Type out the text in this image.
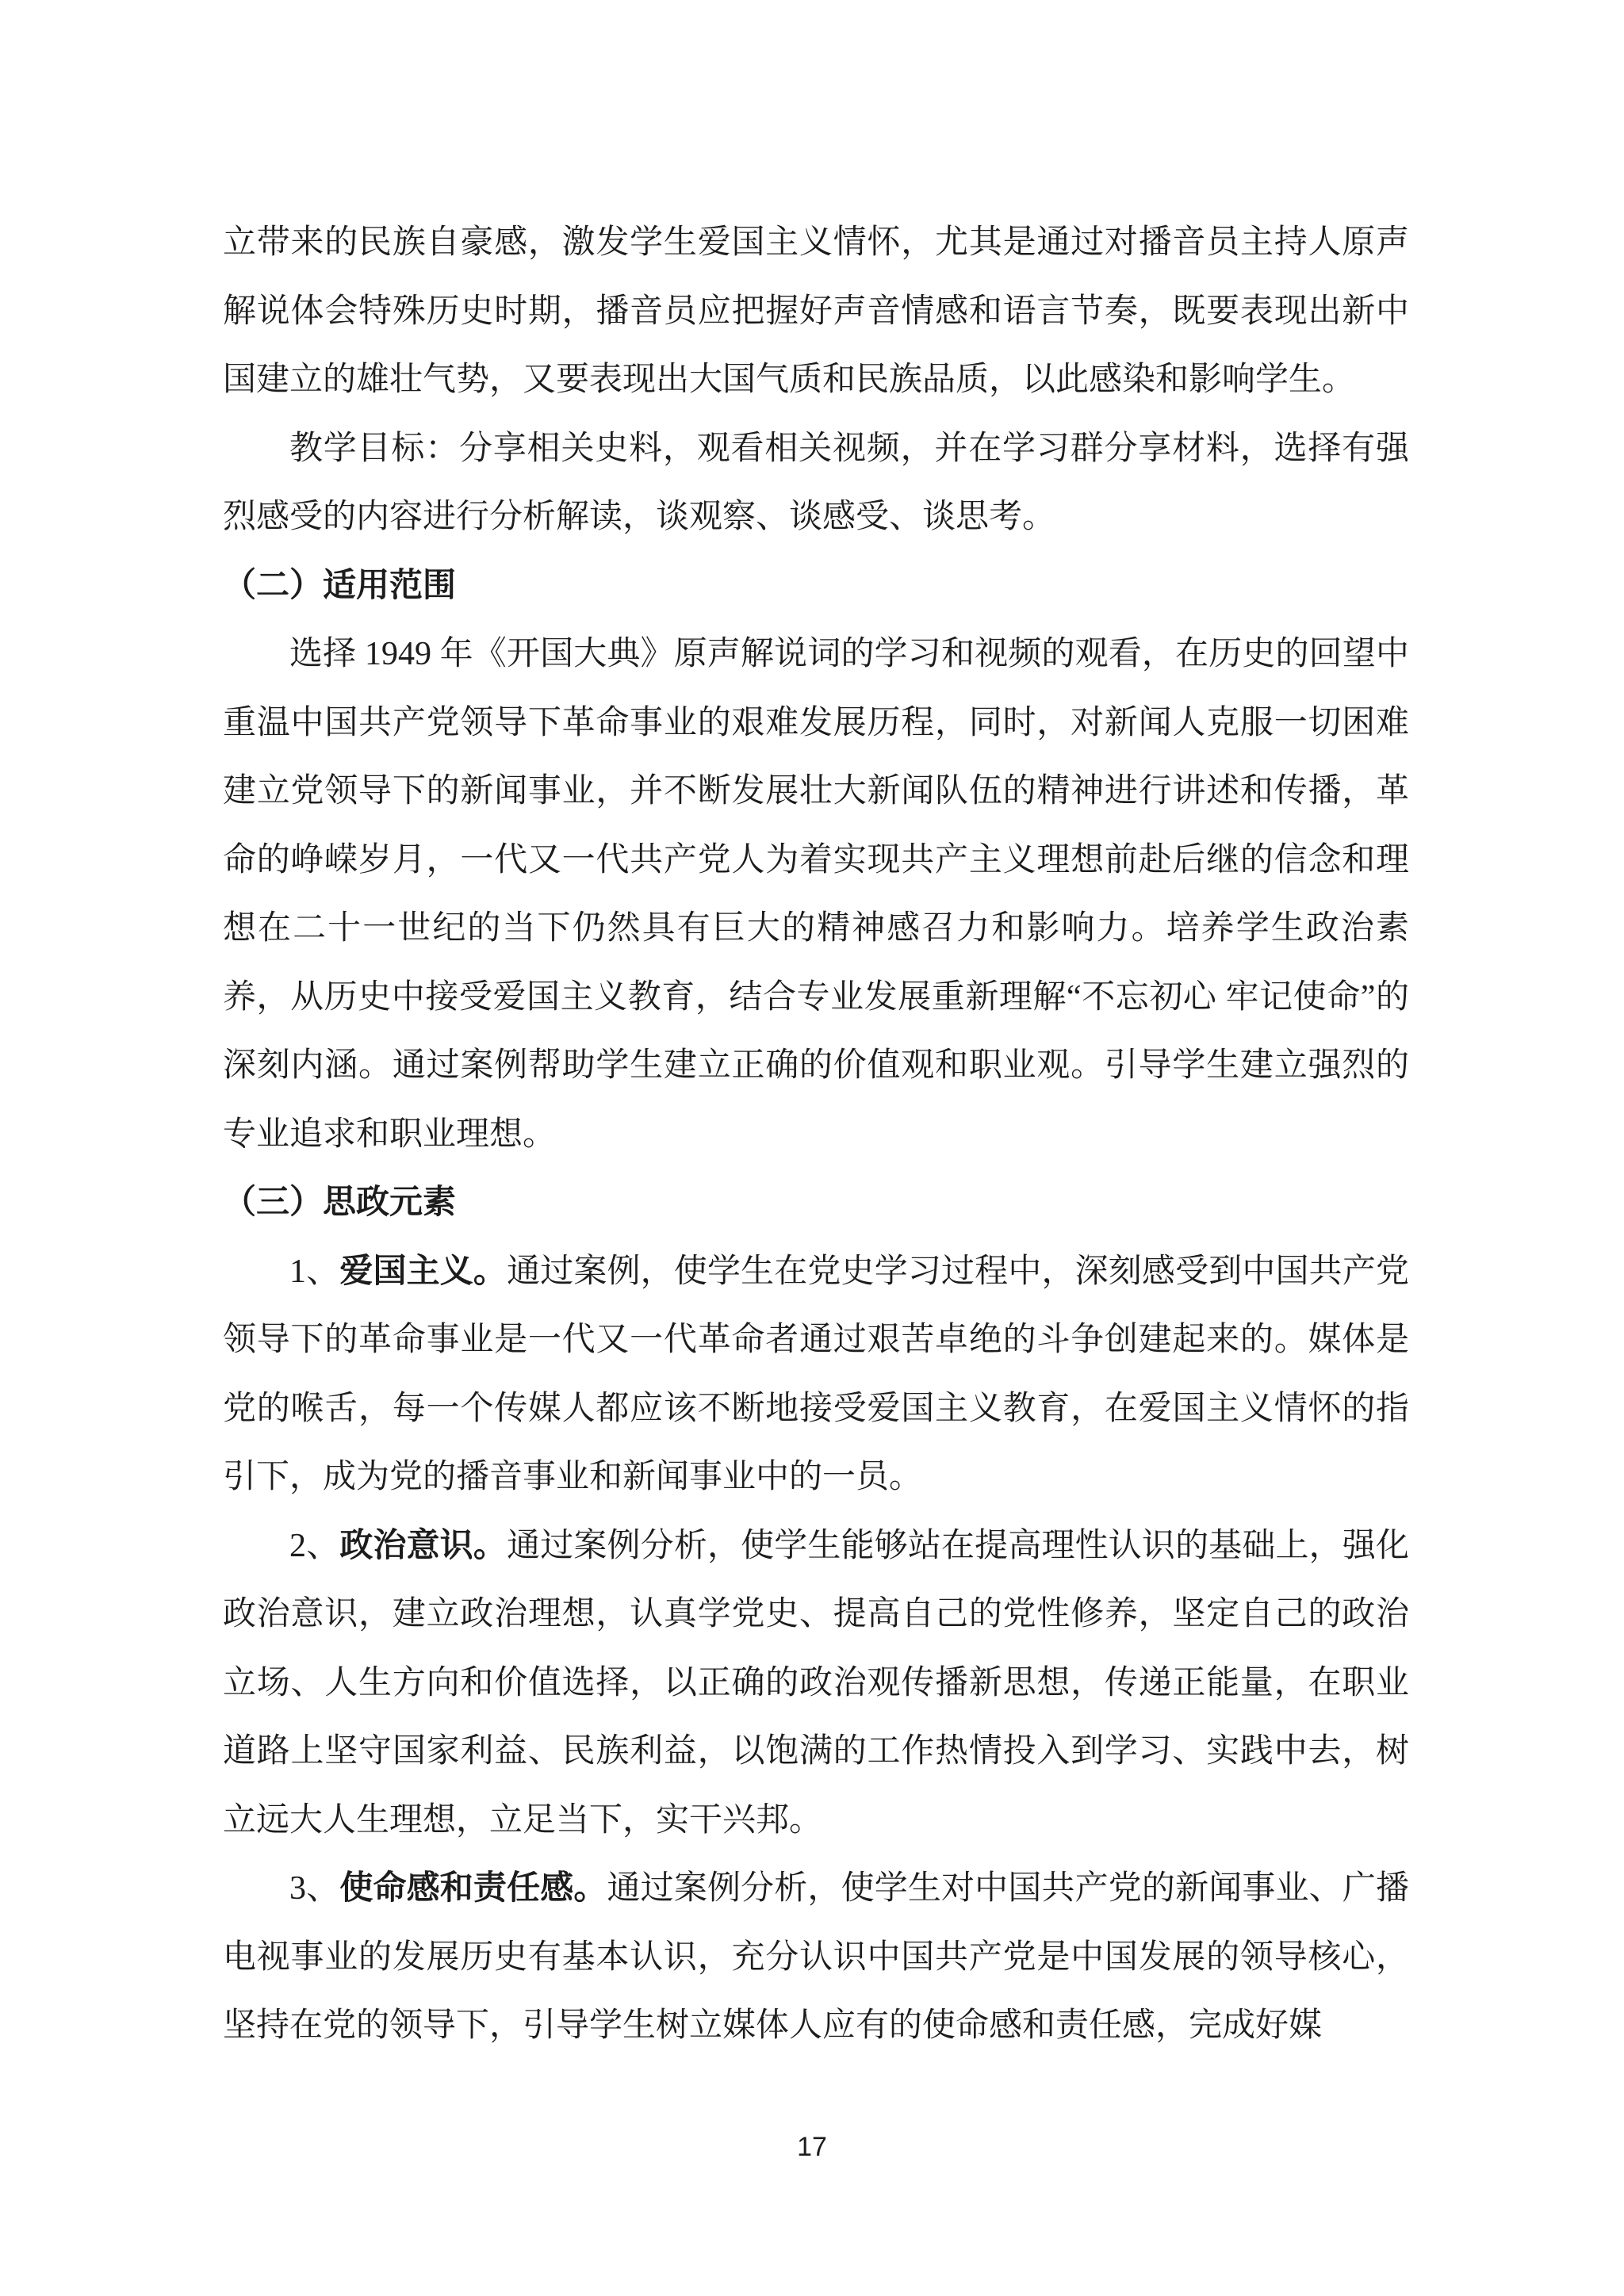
立带来的民族自豪感，激发学生爱国主义情怀，尤其是通过对播音员主持人原声解说体会特殊历史时期，播音员应把握好声音情感和语言节奏，既要表现出新中国建立的雄壮气势，又要表现出大国气质和民族品质，以此感染和影响学生。

教学目标：分享相关史料，观看相关视频，并在学习群分享材料，选择有强烈感受的内容进行分析解读，谈观察、谈感受、谈思考。

（二）适用范围

选择 1949 年《开国大典》原声解说词的学习和视频的观看，在历史的回望中重温中国共产党领导下革命事业的艰难发展历程，同时，对新闻人克服一切困难建立党领导下的新闻事业，并不断发展壮大新闻队伍的精神进行讲述和传播，革命的峥嵘岁月，一代又一代共产党人为着实现共产主义理想前赴后继的信念和理想在二十一世纪的当下仍然具有巨大的精神感召力和影响力。培养学生政治素养，从历史中接受爱国主义教育，结合专业发展重新理解“不忘初心 牢记使命”的深刻内涵。通过案例帮助学生建立正确的价值观和职业观。引导学生建立强烈的专业追求和职业理想。

（三）思政元素

1、爱国主义。通过案例，使学生在党史学习过程中，深刻感受到中国共产党领导下的革命事业是一代又一代革命者通过艰苦卓绝的斗争创建起来的。媒体是党的喉舌，每一个传媒人都应该不断地接受爱国主义教育，在爱国主义情怀的指引下，成为党的播音事业和新闻事业中的一员。

2、政治意识。通过案例分析，使学生能够站在提高理性认识的基础上，强化政治意识，建立政治理想，认真学党史、提高自己的党性修养，坚定自己的政治立场、人生方向和价值选择，以正确的政治观传播新思想，传递正能量，在职业道路上坚守国家利益、民族利益，以饱满的工作热情投入到学习、实践中去，树立远大人生理想，立足当下，实干兴邦。

3、使命感和责任感。通过案例分析，使学生对中国共产党的新闻事业、广播电视事业的发展历史有基本认识，充分认识中国共产党是中国发展的领导核心，坚持在党的领导下，引导学生树立媒体人应有的使命感和责任感，完成好媒

17
